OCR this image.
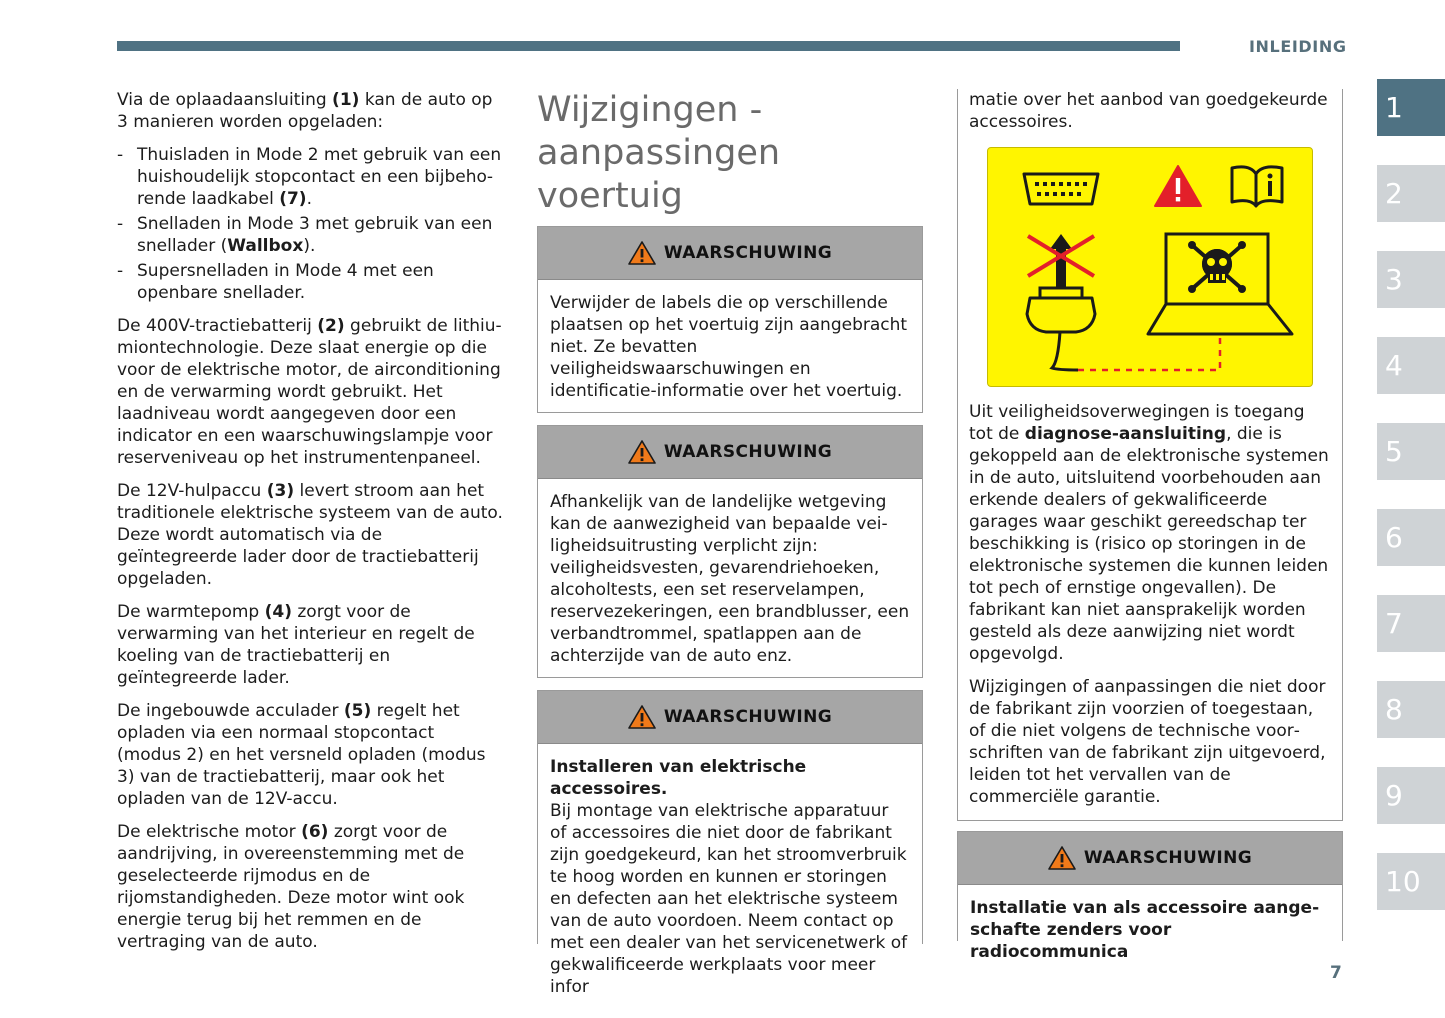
INLEIDING
1
2
3
4
5
6
7
8
9
10

Via de oplaadaansluiting (1) kan de auto op 3 manieren worden opgeladen:

- Thuisladen in Mode 2 met gebruik van een huishoudelijk stopcontact en een bijbehorende laadkabel (7).
- Snelladen in Mode 3 met gebruik van een snellader (Wallbox).
- Supersnelladen in Mode 4 met een openbare snellader.

De 400V-tractiebatterij (2) gebruikt de lithiumiontechnologie. Deze slaat energie op die voor de elektrische motor, de airconditioning en de verwarming wordt gebruikt. Het laadniveau wordt aangegeven door een indicator en een waarschuwingslampje voor reserveniveau op het instrumentenpaneel.

De 12V-hulpaccu (3) levert stroom aan het traditionele elektrische systeem van de auto. Deze wordt automatisch via de geïntegreerde lader door de tractiebatterij opgeladen.

De warmtepomp (4) zorgt voor de verwarming van het interieur en regelt de koeling van de tractiebatterij en geïntegreerde lader.

De ingebouwde acculader (5) regelt het opladen via een normaal stopcontact (modus 2) en het versneld opladen (modus 3) van de tractiebatterij, maar ook het opladen van de 12V-accu.

De elektrische motor (6) zorgt voor de aandrijving, in overeenstemming met de geselecteerde rijmodus en de rijomstandigheden. Deze motor wint ook energie terug bij het remmen en de vertraging van de auto.

Wijzigingen - aanpassingen voertuig
WAARSCHUWING
Verwijder de labels die op verschillende plaatsen op het voertuig zijn aangebracht niet. Ze bevatten veiligheidswaarschuwingen en identificatie-informatie over het voertuig.
WAARSCHUWING
Afhankelijk van de landelijke wetgeving kan de aanwezigheid van bepaalde veiligheidsuitrusting verplicht zijn: veiligheidsvesten, gevarendriehoeken, alcoholtests, een set reservelampen, reservezekeringen, een brandblusser, een verbandtrommel, spatlappen aan de achterzijde van de auto enz.
WAARSCHUWING
Installeren van elektrische accessoires.
Bij montage van elektrische apparatuur of accessoires die niet door de fabrikant zijn goedgekeurd, kan het stroomverbruik te hoog worden en kunnen er storingen en defecten aan het elektrische systeem van de auto voordoen. Neem contact op met een dealer van het servicenetwerk of gekwalificeerde werkplaats voor meer infor

matie over het aanbod van goedgekeurde accessoires.

Uit veiligheidsoverwegingen is toegang tot de diagnose-aansluiting, die is gekoppeld aan de elektronische systemen in de auto, uitsluitend voorbehouden aan erkende dealers of gekwalificeerde garages waar geschikt gereedschap ter beschikking is (risico op storingen in de elektronische systemen die kunnen leiden tot pech of ernstige ongevallen). De fabrikant kan niet aansprakelijk worden gesteld als deze aanwijzing niet wordt opgevolgd.

Wijzigingen of aanpassingen die niet door de fabrikant zijn voorzien of toegestaan, of die niet volgens de technische voorschriften van de fabrikant zijn uitgevoerd, leiden tot het vervallen van de commerciёle garantie.

WAARSCHUWING
Installatie van als accessoire aangeschafte zenders voor radiocommunica
7
